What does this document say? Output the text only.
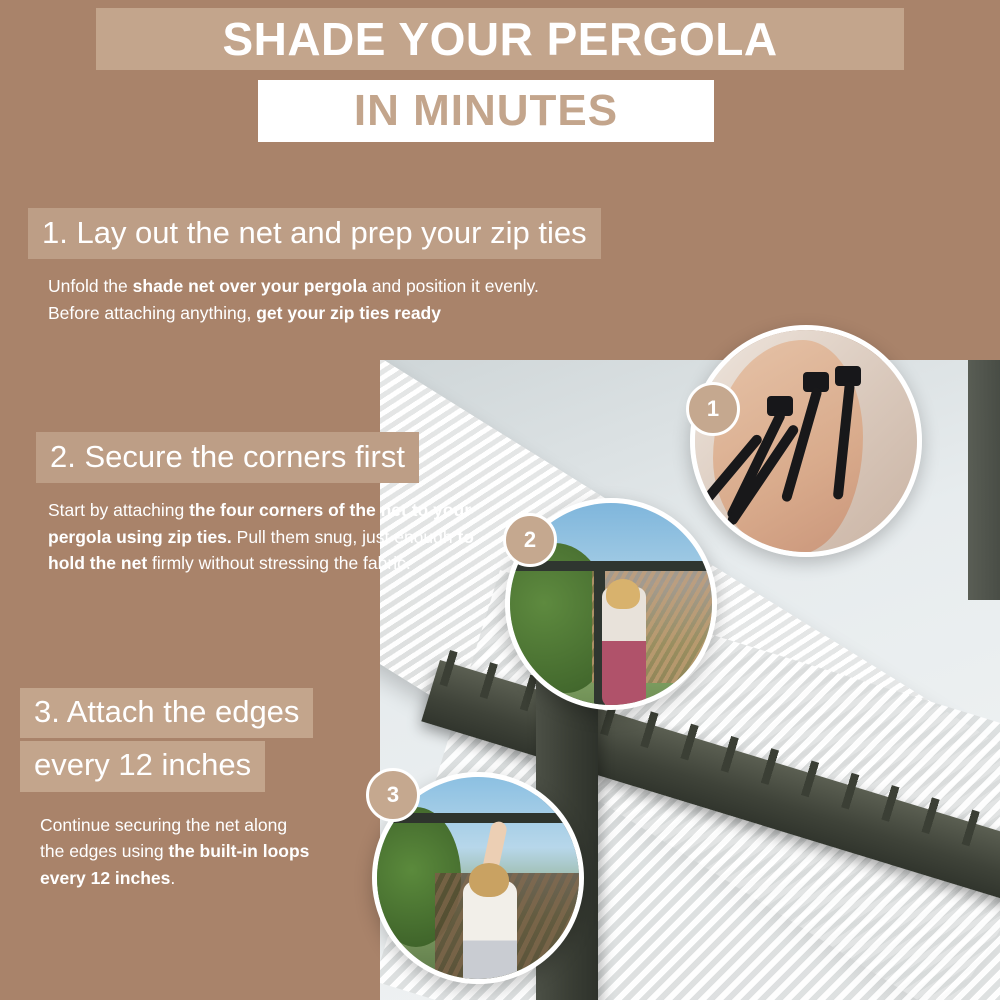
SHADE YOUR PERGOLA
IN MINUTES
1. Lay out the net and prep your zip ties
Unfold the shade net over your pergola and position it evenly. Before attaching anything, get your zip ties ready
2. Secure the corners first
Start by attaching the four corners of the net to your pergola using zip ties. Pull them snug, just enough to hold the net firmly without stressing the fabric.
3. Attach the edges every 12 inches
Continue securing the net along the edges using the built-in loops every 12 inches.
1
2
3
